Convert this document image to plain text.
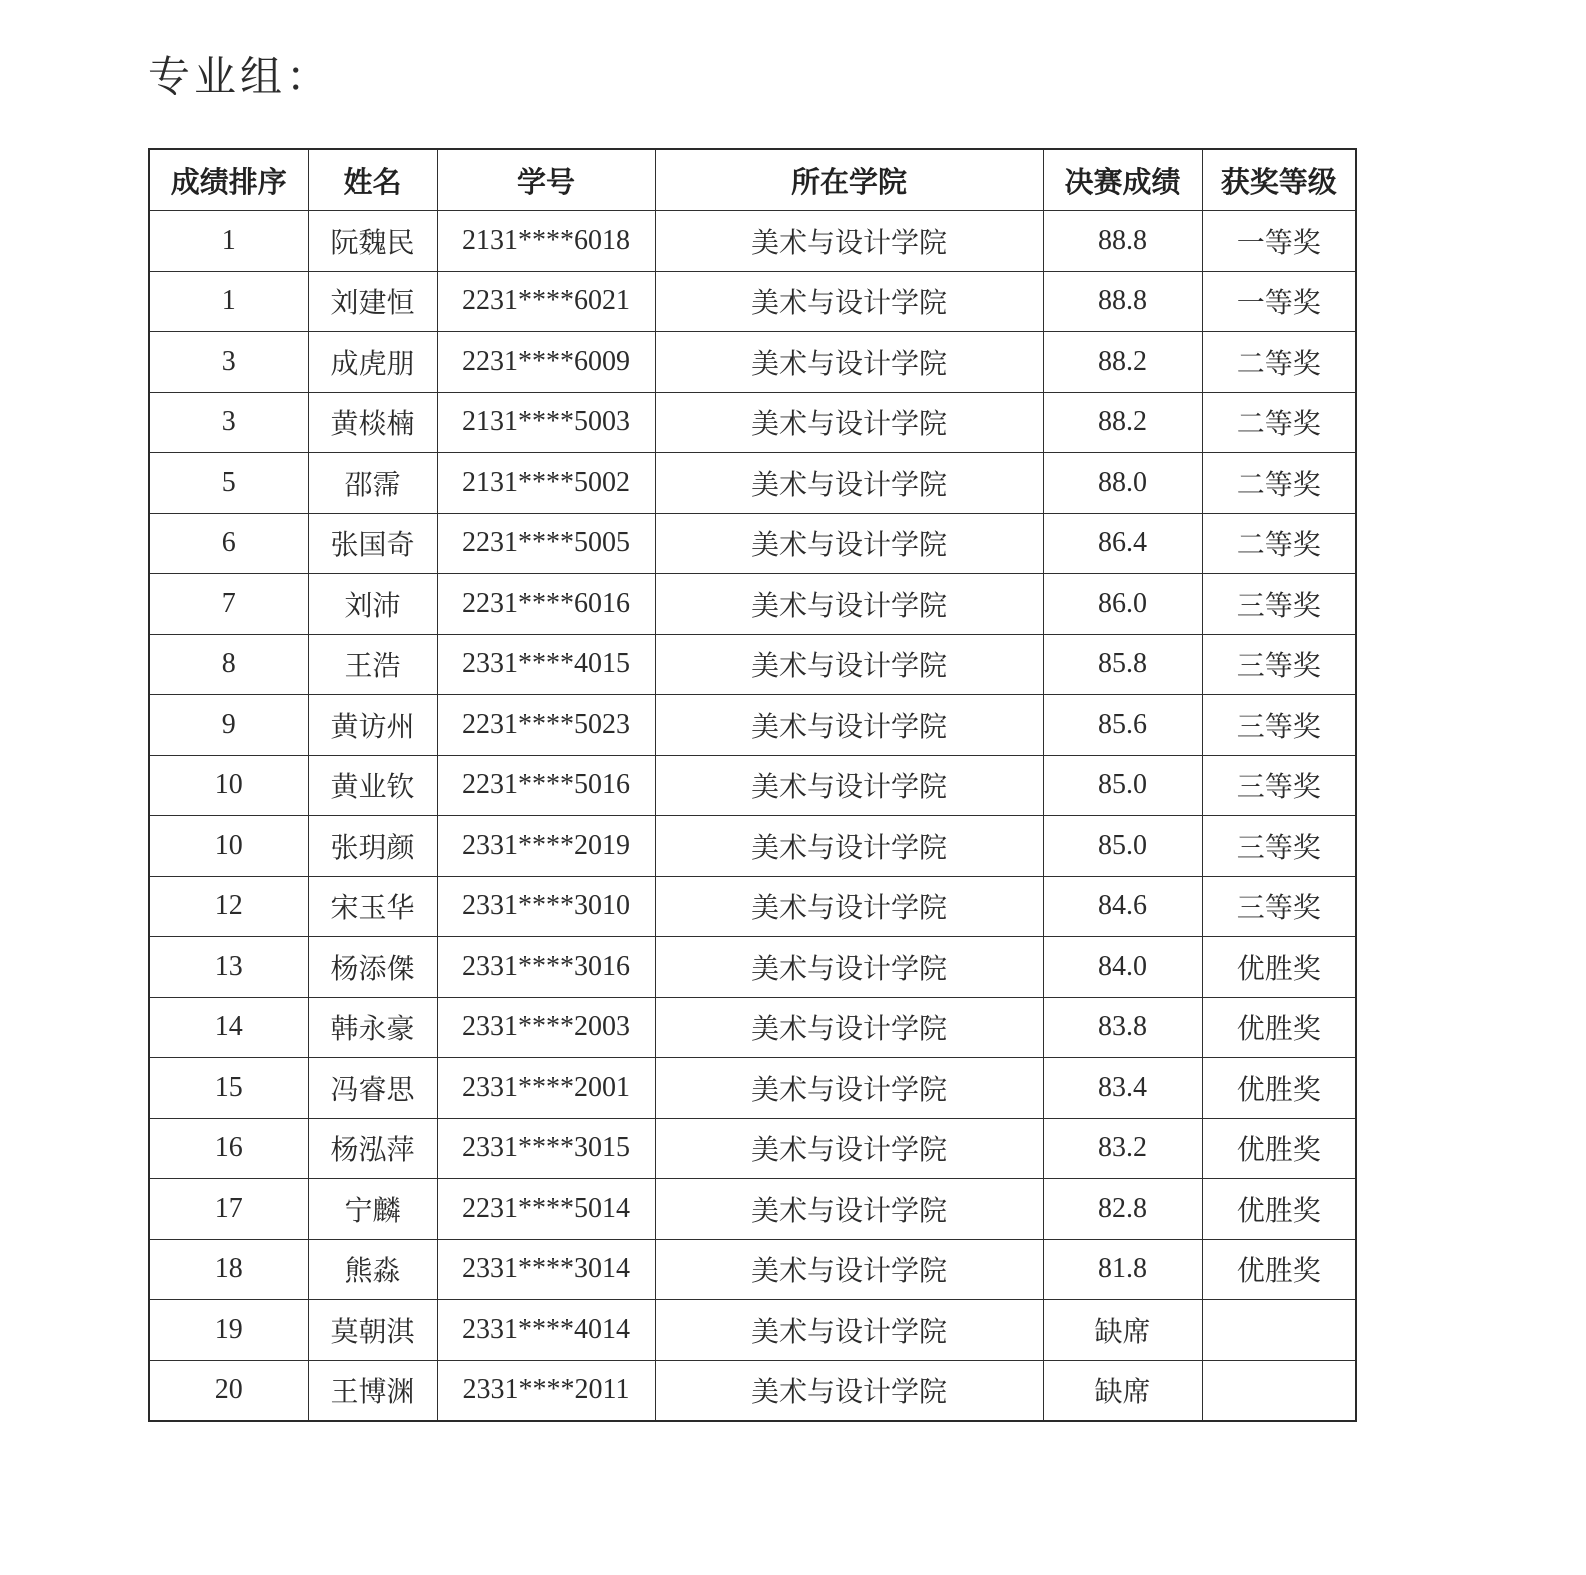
专业组：
成绩排序	姓名	学号	所在学院	决赛成绩	获奖等级
1	阮魏民	2131****6018	美术与设计学院	88.8	一等奖
1	刘建恒	2231****6021	美术与设计学院	88.8	一等奖
3	成虎朋	2231****6009	美术与设计学院	88.2	二等奖
3	黄棪楠	2131****5003	美术与设计学院	88.2	二等奖
5	邵霈	2131****5002	美术与设计学院	88.0	二等奖
6	张国奇	2231****5005	美术与设计学院	86.4	二等奖
7	刘沛	2231****6016	美术与设计学院	86.0	三等奖
8	王浩	2331****4015	美术与设计学院	85.8	三等奖
9	黄访州	2231****5023	美术与设计学院	85.6	三等奖
10	黄业钦	2231****5016	美术与设计学院	85.0	三等奖
10	张玥颜	2331****2019	美术与设计学院	85.0	三等奖
12	宋玉华	2331****3010	美术与设计学院	84.6	三等奖
13	杨添傑	2331****3016	美术与设计学院	84.0	优胜奖
14	韩永豪	2331****2003	美术与设计学院	83.8	优胜奖
15	冯睿思	2331****2001	美术与设计学院	83.4	优胜奖
16	杨泓萍	2331****3015	美术与设计学院	83.2	优胜奖
17	宁麟	2231****5014	美术与设计学院	82.8	优胜奖
18	熊淼	2331****3014	美术与设计学院	81.8	优胜奖
19	莫朝淇	2331****4014	美术与设计学院	缺席	
20	王博渊	2331****2011	美术与设计学院	缺席	
